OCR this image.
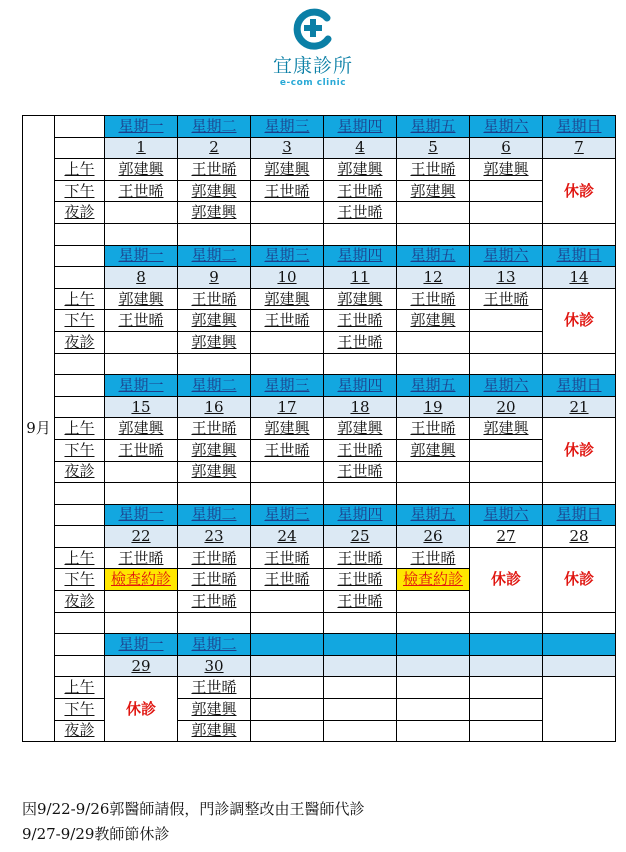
宜康診所
e-com clinic
9月		星期一	星期二	星期三	星期四	星期五	星期六	星期日
		1	2	3	4	5	6	7
	上午	郭建興	王世晞	郭建興	郭建興	王世晞	郭建興	休診
	下午	王世晞	郭建興	王世晞	王世晞	郭建興		
	夜診		郭建興		王世晞			

		星期一	星期二	星期三	星期四	星期五	星期六	星期日
		8	9	10	11	12	13	14
	上午	郭建興	王世晞	郭建興	郭建興	王世晞	王世晞	休診
	下午	王世晞	郭建興	王世晞	王世晞	郭建興		
	夜診		郭建興		王世晞			

		星期一	星期二	星期三	星期四	星期五	星期六	星期日
		15	16	17	18	19	20	21
	上午	郭建興	王世晞	郭建興	郭建興	王世晞	郭建興	休診
	下午	王世晞	郭建興	王世晞	王世晞	郭建興		
	夜診		郭建興		王世晞			

		星期一	星期二	星期三	星期四	星期五	星期六	星期日
		22	23	24	25	26	27	28
	上午	王世晞	王世晞	王世晞	王世晞	王世晞	休診	休診
	下午	檢查約診	王世晞	王世晞	王世晞	檢查約診		
	夜診		王世晞		王世晞			

		星期一	星期二					
		29	30					
	上午	休診	王世晞					
	下午		郭建興					
	夜診		郭建興					
因9/22-9/26郭醫師請假，門診調整改由王醫師代診
9/27-9/29教師節休診
